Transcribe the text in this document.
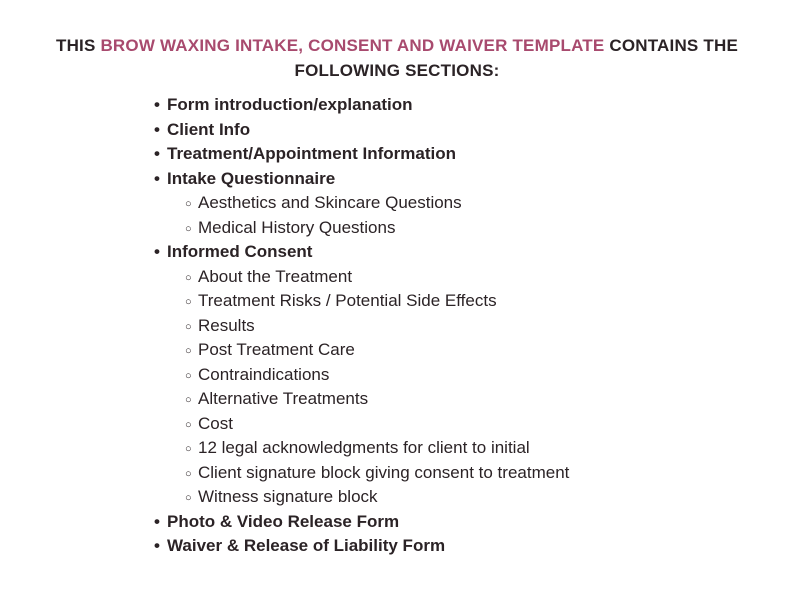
THIS BROW WAXING INTAKE, CONSENT AND WAIVER TEMPLATE CONTAINS THE
FOLLOWING SECTIONS:
• Form introduction/explanation
• Client Info
• Treatment/Appointment Information
• Intake Questionnaire
○ Aesthetics and Skincare Questions
○ Medical History Questions
• Informed Consent
○ About the Treatment
○ Treatment Risks / Potential Side Effects
○ Results
○ Post Treatment Care
○ Contraindications
○ Alternative Treatments
○ Cost
○ 12 legal acknowledgments for client to initial
○ Client signature block giving consent to treatment
○ Witness signature block
• Photo & Video Release Form
• Waiver & Release of Liability Form
